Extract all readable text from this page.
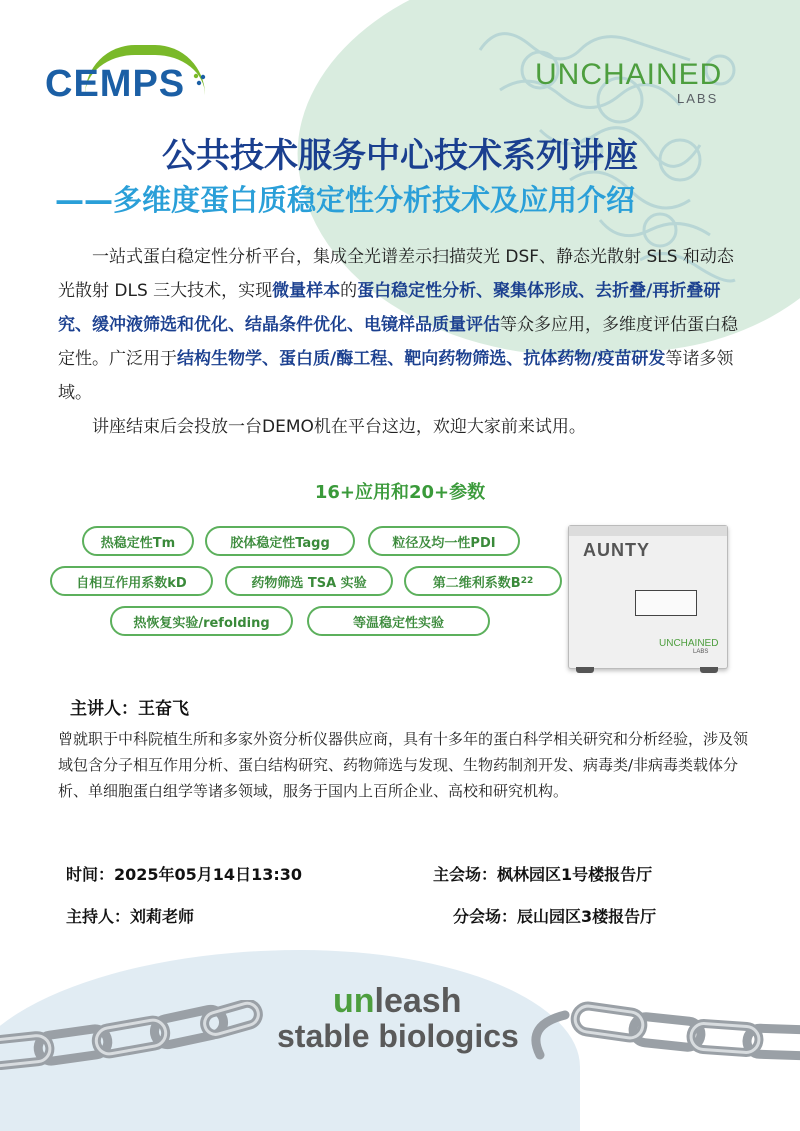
CEMPS	UNCHAINED
LABS
公共技术服务中心技术系列讲座
——多维度蛋白质稳定性分析技术及应用介绍

一站式蛋白稳定性分析平台，集成全光谱差示扫描荧光 DSF、静态光散射 SLS 和动态光散射 DLS 三大技术，实现微量样本的蛋白稳定性分析、聚集体形成、去折叠/再折叠研究、缓冲液筛选和优化、结晶条件优化、电镜样品质量评估等众多应用，多维度评估蛋白稳定性。广泛用于结构生物学、蛋白质/酶工程、靶向药物筛选、抗体药物/疫苗研发等诸多领域。

讲座结束后会投放一台DEMO机在平台这边，欢迎大家前来试用。

16+应用和20+参数
热稳定性Tm	胶体稳定性Tagg	粒径及均一性PDI
自相互作用系数kD	药物筛选 TSA 实验	第二维利系数B 22
热恢复实验/refolding	等温稳定性实验
AUNTY
UNCHAINED
LABS
主讲人：王奋飞
曾就职于中科院植生所和多家外资分析仪器供应商，具有十多年的蛋白科学相关研究和分析经验，涉及领域包含分子相互作用分析、蛋白结构研究、药物筛选与发现、生物药制剂开发、病毒类/非病毒类载体分析、单细胞蛋白组学等诸多领域，服务于国内上百所企业、高校和研究机构。
时间：2025年05月14日13:30	主会场：枫林园区1号楼报告厅
主持人：刘莉老师	分会场：辰山园区3楼报告厅
unleash
stable biologics
